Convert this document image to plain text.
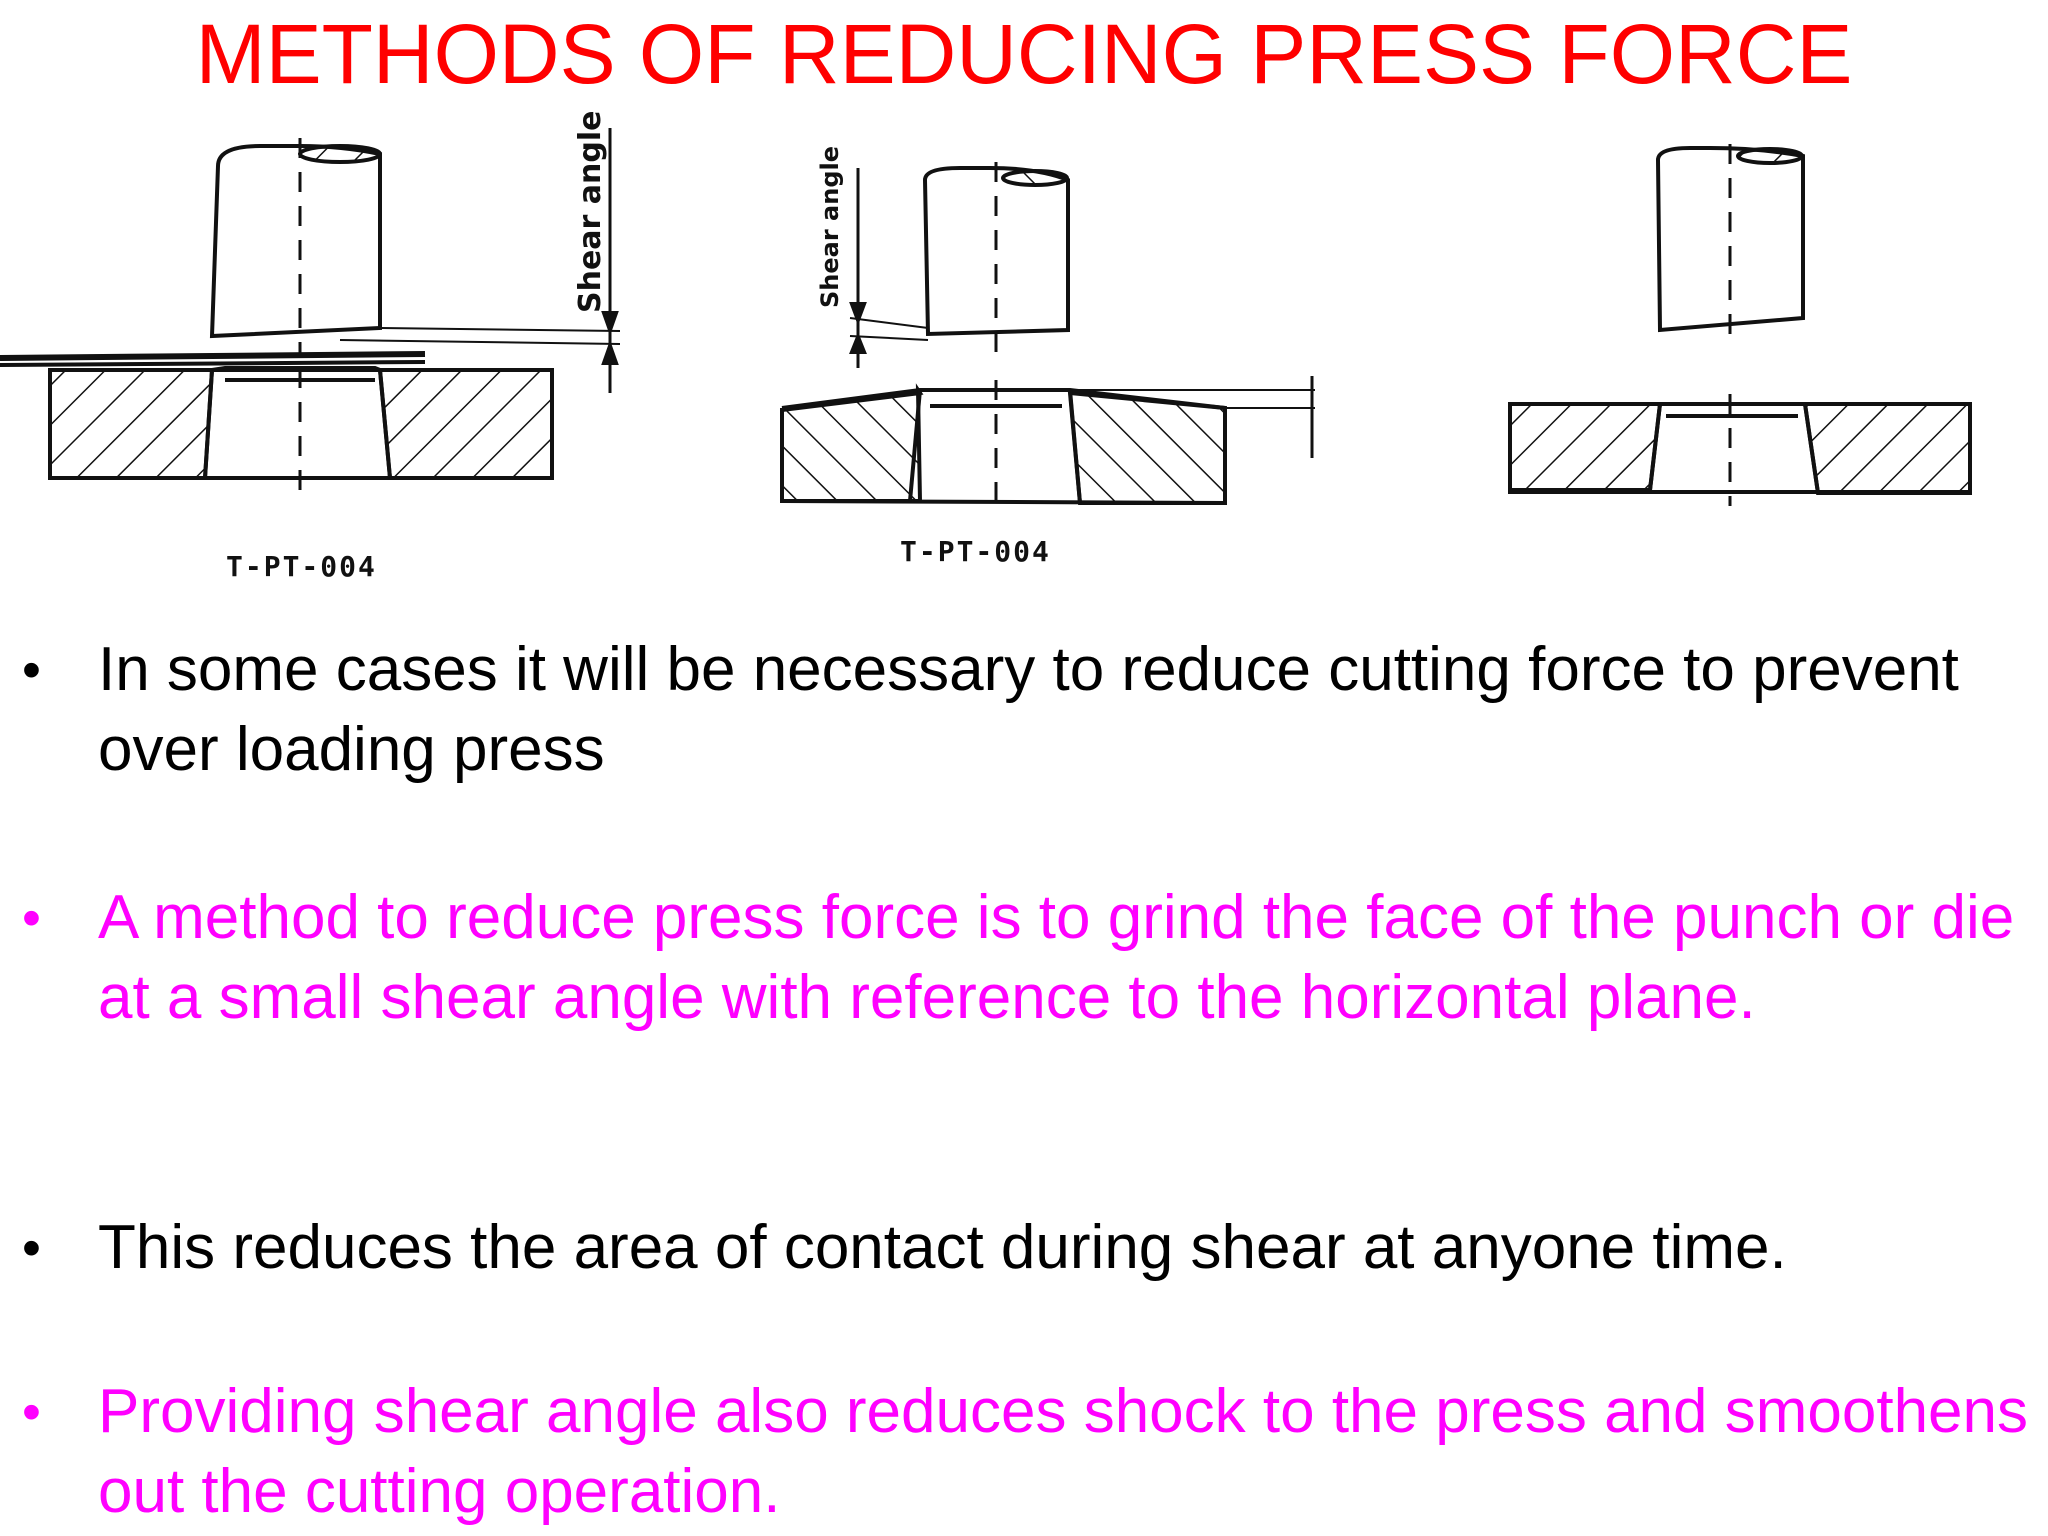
METHODS OF REDUCING PRESS FORCE
Shear angle
T-PT-004
Shear angle
T-PT-004
• In some cases it will be necessary to reduce cutting force to prevent over loading press
• A method to reduce press force is to grind the face of the punch or die at a small shear angle with reference to the horizontal plane.
• This reduces the area of contact during shear at anyone time.
• Providing shear angle also reduces shock to the press and smoothens out the cutting operation.
